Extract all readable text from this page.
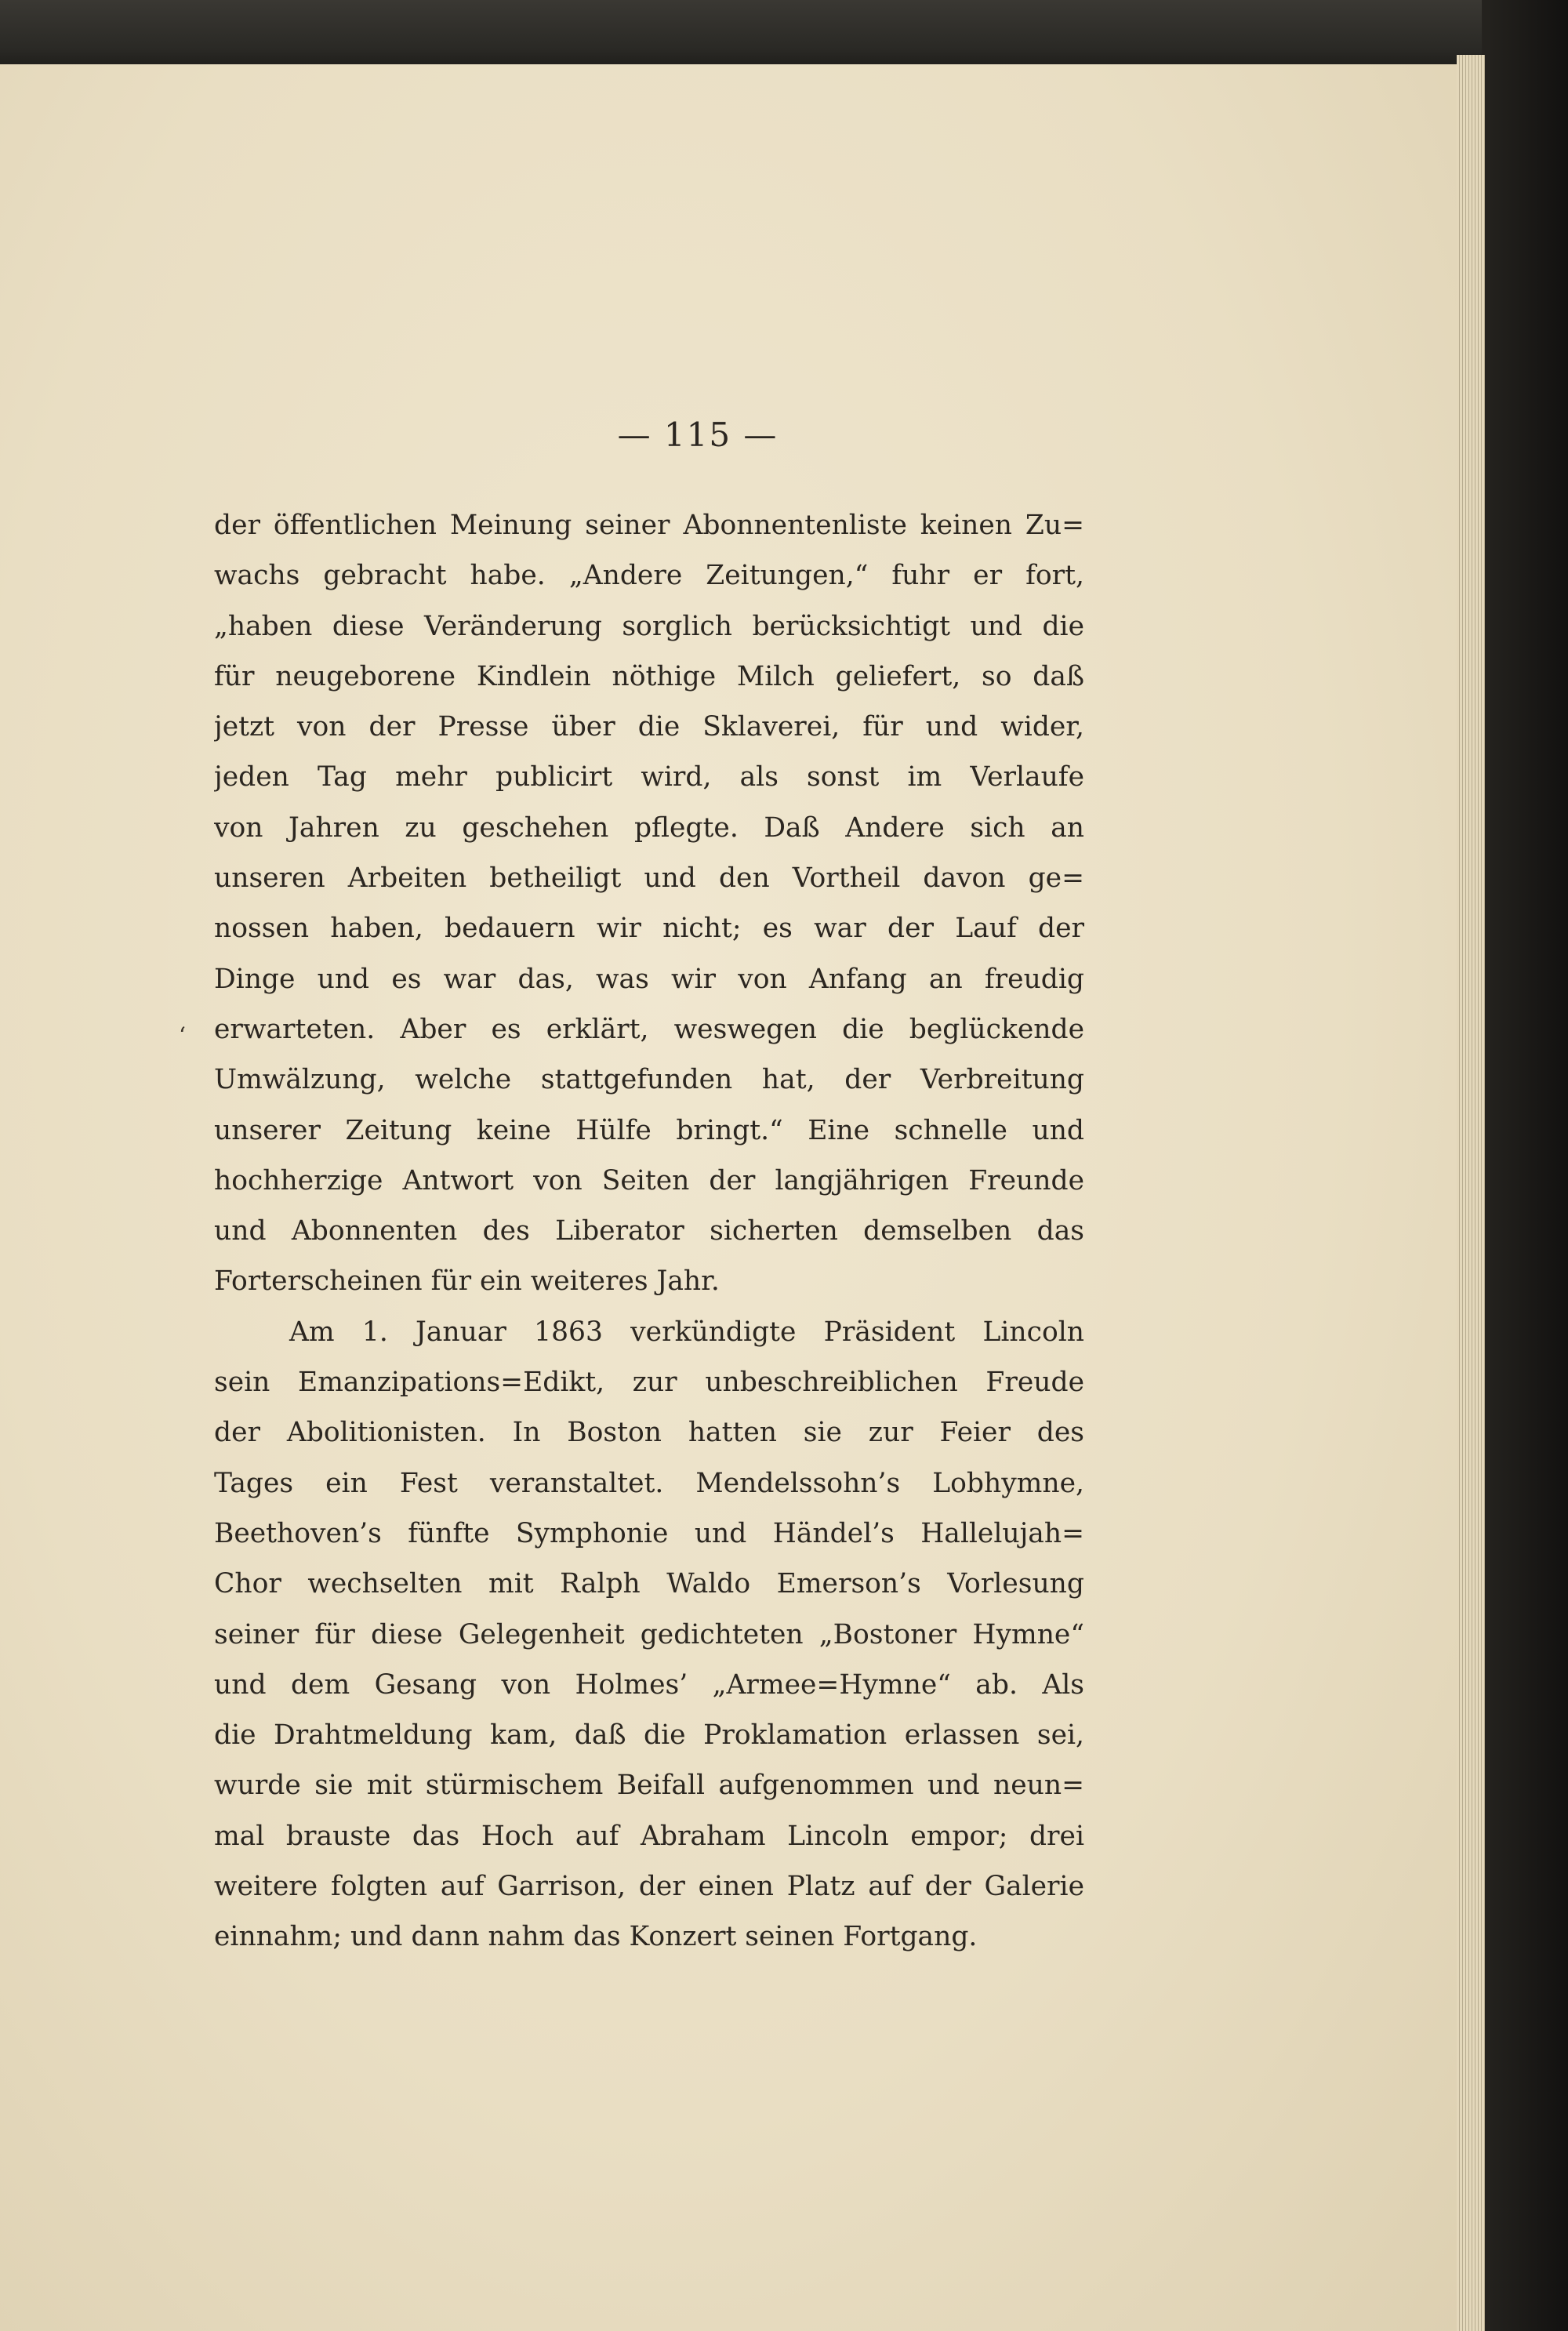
— 115 —
ʻ
der öffentlichen Meinung seiner Abonnentenliste keinen Zu=
wachs gebracht habe. „Andere Zeitungen,“ fuhr er fort,
„haben diese Veränderung sorglich berücksichtigt und die
für neugeborene Kindlein nöthige Milch geliefert, so daß
jetzt von der Presse über die Sklaverei, für und wider,
jeden Tag mehr publicirt wird, als sonst im Verlaufe
von Jahren zu geschehen pflegte. Daß Andere sich an
unseren Arbeiten betheiligt und den Vortheil davon ge=
nossen haben, bedauern wir nicht; es war der Lauf der
Dinge und es war das, was wir von Anfang an freudig
erwarteten. Aber es erklärt, weswegen die beglückende
Umwälzung, welche stattgefunden hat, der Verbreitung
unserer Zeitung keine Hülfe bringt.“ Eine schnelle und
hochherzige Antwort von Seiten der langjährigen Freunde
und Abonnenten des Liberator sicherten demselben das
Forterscheinen für ein weiteres Jahr.
Am 1. Januar 1863 verkündigte Präsident Lincoln
sein Emanzipations=Edikt, zur unbeschreiblichen Freude
der Abolitionisten. In Boston hatten sie zur Feier des
Tages ein Fest veranstaltet. Mendelssohn’s Lobhymne,
Beethoven’s fünfte Symphonie und Händel’s Hallelujah=
Chor wechselten mit Ralph Waldo Emerson’s Vorlesung
seiner für diese Gelegenheit gedichteten „Bostoner Hymne“
und dem Gesang von Holmes’ „Armee=Hymne“ ab. Als
die Drahtmeldung kam, daß die Proklamation erlassen sei,
wurde sie mit stürmischem Beifall aufgenommen und neun=
mal brauste das Hoch auf Abraham Lincoln empor; drei
weitere folgten auf Garrison, der einen Platz auf der Galerie
einnahm; und dann nahm das Konzert seinen Fortgang.
